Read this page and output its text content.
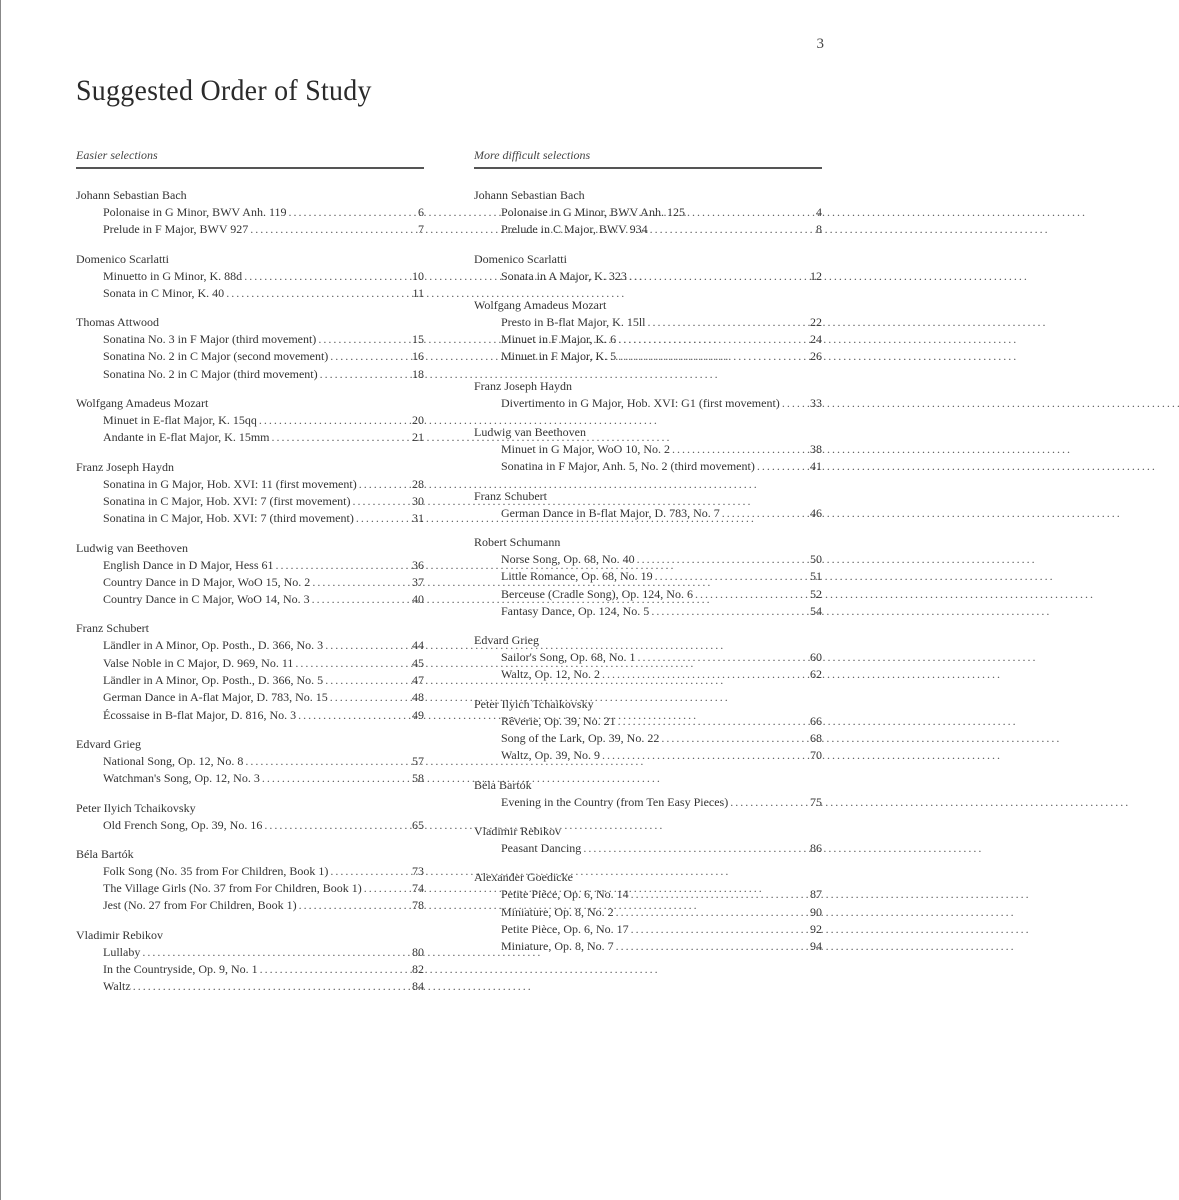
3
Suggested Order of Study
Easier selections
Johann Sebastian Bach
Polonaise in G Minor, BWV Anh. 119 . . .	6
Prelude in F Major, BWV 927 . . .	7
Domenico Scarlatti
Minuetto in G Minor, K. 88d . . .	10
Sonata in C Minor, K. 40 . . .	11
Thomas Attwood
Sonatina No. 3 in F Major (third movement) . . .	15
Sonatina No. 2 in C Major (second movement) . . .	16
Sonatina No. 2 in C Major (third movement) . . .	18
Wolfgang Amadeus Mozart
Minuet in E-flat Major, K. 15qq . . .	20
Andante in E-flat Major, K. 15mm . . .	21
Franz Joseph Haydn
Sonatina in G Major, Hob. XVI: 11 (first movement) . . .	28
Sonatina in C Major, Hob. XVI: 7 (first movement) . . .	30
Sonatina in C Major, Hob. XVI: 7 (third movement) . . .	31
Ludwig van Beethoven
English Dance in D Major, Hess 61 . . .	36
Country Dance in D Major, WoO 15, No. 2 . . .	37
Country Dance in C Major, WoO 14, No. 3 . . .	40
Franz Schubert
Ländler in A Minor, Op. Posth., D. 366, No. 3 . . .	44
Valse Noble in C Major, D. 969, No. 11 . . .	45
Ländler in A Minor, Op. Posth., D. 366, No. 5 . . .	47
German Dance in A-flat Major, D. 783, No. 15 . . .	48
Écossaise in B-flat Major, D. 816, No. 3 . . .	49
Edvard Grieg
National Song, Op. 12, No. 8 . . .	57
Watchman's Song, Op. 12, No. 3 . . .	58
Peter Ilyich Tchaikovsky
Old French Song, Op. 39, No. 16 . . .	65
Béla Bartók
Folk Song (No. 35 from For Children, Book 1) . . .	73
The Village Girls (No. 37 from For Children, Book 1) . . .	74
Jest (No. 27 from For Children, Book 1) . . .	78
Vladimir Rebikov
Lullaby . . .	80
In the Countryside, Op. 9, No. 1 . . .	82
Waltz . . .	84
More difficult selections
Johann Sebastian Bach
Polonaise in G Minor, BWV Anh. 125 . . .	4
Prelude in C Major, BWV 934 . . .	8
Domenico Scarlatti
Sonata in A Major, K. 323 . . .	12
Wolfgang Amadeus Mozart
Presto in B-flat Major, K. 15ll . . .	22
Minuet in F Major, K. 6 . . .	24
Minuet in F Major, K. 5 . . .	26
Franz Joseph Haydn
Divertimento in G Major, Hob. XVI: G1 (first movement) . . .	33
Ludwig van Beethoven
Minuet in G Major, WoO 10, No. 2 . . .	38
Sonatina in F Major, Anh. 5, No. 2 (third movement) . . .	41
Franz Schubert
German Dance in B-flat Major, D. 783, No. 7 . . .	46
Robert Schumann
Norse Song, Op. 68, No. 40 . . .	50
Little Romance, Op. 68, No. 19 . . .	51
Berceuse (Cradle Song), Op. 124, No. 6 . . .	52
Fantasy Dance, Op. 124, No. 5 . . .	54
Edvard Grieg
Sailor's Song, Op. 68, No. 1 . . .	60
Waltz, Op. 12, No. 2 . . .	62
Peter Ilyich Tchaikovsky
Rêverie, Op. 39, No. 21 . . .	66
Song of the Lark, Op. 39, No. 22 . . .	68
Waltz, Op. 39, No. 9 . . .	70
Béla Bartók
Evening in the Country (from Ten Easy Pieces) . . .	75
Vladimir Rebikov
Peasant Dancing . . .	86
Alexander Goedicke
Petite Pièce, Op. 6, No. 14 . . .	87
Miniature, Op. 8, No. 2 . . .	90
Petite Pièce, Op. 6, No. 17 . . .	92
Miniature, Op. 8, No. 7 . . .	94
